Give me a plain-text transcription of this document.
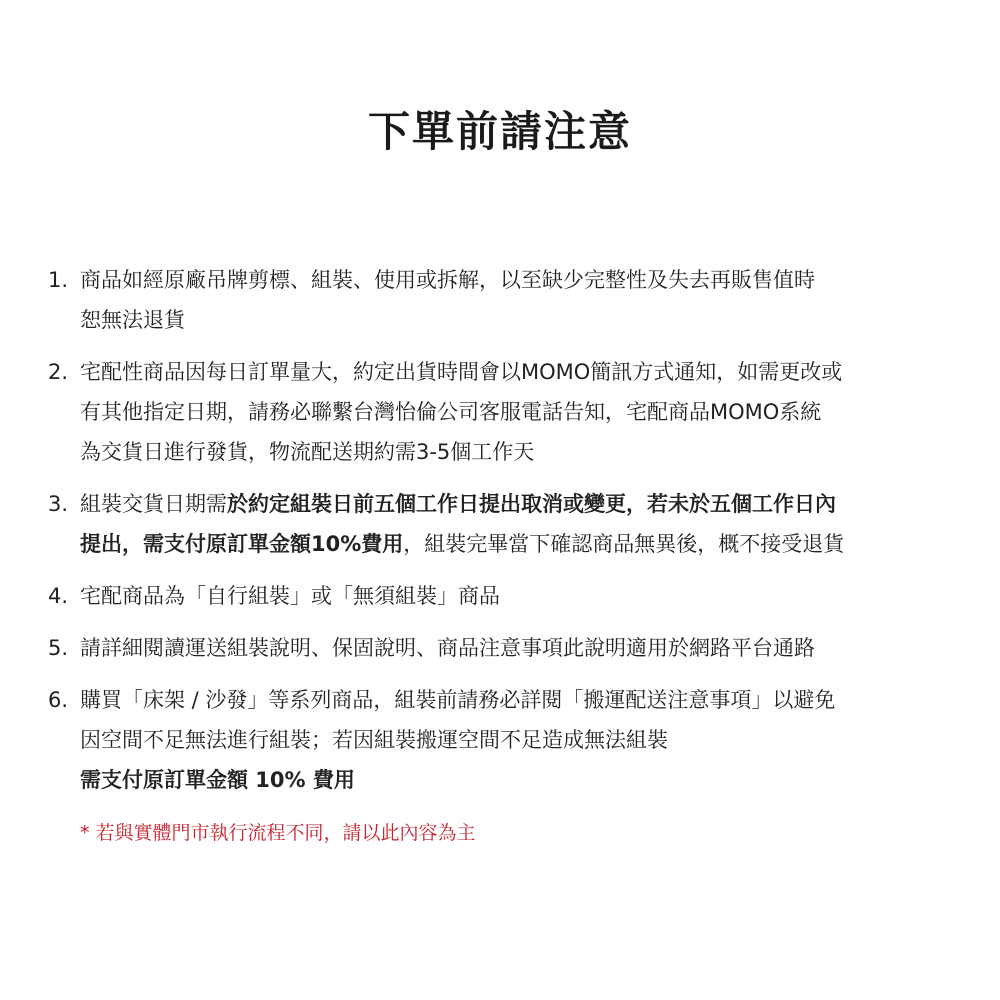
下單前請注意
1. 商品如經原廠吊牌剪標、組裝、使用或拆解，以至缺少完整性及失去再販售值時
恕無法退貨
2. 宅配性商品因每日訂單量大，約定出貨時間會以MOMO簡訊方式通知，如需更改或
有其他指定日期，請務必聯繫台灣怡倫公司客服電話告知，宅配商品MOMO系統
為交貨日進行發貨，物流配送期約需3-5個工作天
3. 組裝交貨日期需於約定組裝日前五個工作日提出取消或變更，若未於五個工作日內
提出，需支付原訂單金額10%費用，組裝完畢當下確認商品無異後，概不接受退貨
4. 宅配商品為「自行組裝」或「無須組裝」商品
5. 請詳細閱讀運送組裝說明、保固說明、商品注意事項此說明適用於網路平台通路
6. 購買「床架 / 沙發」等系列商品，組裝前請務必詳閱「搬運配送注意事項」以避免
因空間不足無法進行組裝；若因組裝搬運空間不足造成無法組裝
需支付原訂單金額 10% 費用
* 若與實體門市執行流程不同，請以此內容為主
